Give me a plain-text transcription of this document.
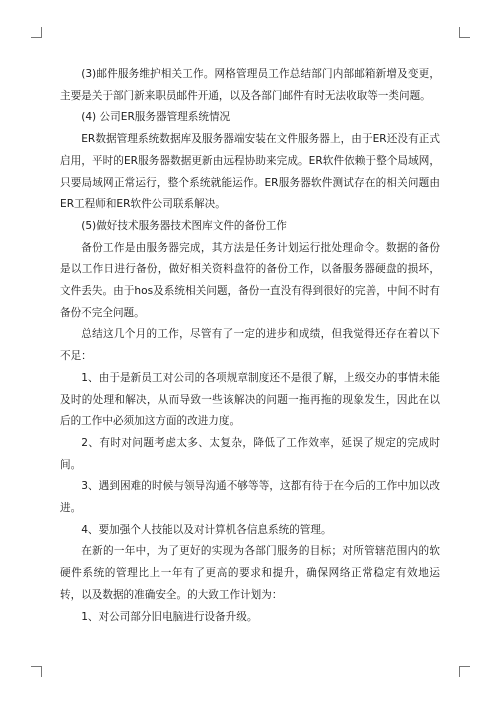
(3)邮件服务维护相关工作。网格管理员工作总结部门内部邮箱新增及变更，主要是关于部门新来职员邮件开通，以及各部门邮件有时无法收取等一类问题。

(4) 公司ER服务器管理系统情况

ER数据管理系统数据库及服务器端安装在文件服务器上，由于ER还没有正式启用，平时的ER服务器数据更新由远程协助来完成。ER软件依赖于整个局域网，只要局域网正常运行，整个系统就能运作。ER服务器软件测试存在的相关问题由ER工程师和ER软件公司联系解决。

(5)做好技术服务器技术图库文件的备份工作

备份工作是由服务器完成，其方法是任务计划运行批处理命令。数据的备份是以工作日进行备份，做好相关资料盘符的备份工作，以备服务器硬盘的损坏，文件丢失。由于hos及系统相关问题，备份一直没有得到很好的完善，中间不时有备份不完全问题。

总结这几个月的工作，尽管有了一定的进步和成绩，但我觉得还存在着以下不足：

1、由于是新员工对公司的各项规章制度还不是很了解，上级交办的事情未能及时的处理和解决，从而导致一些该解决的问题一拖再拖的现象发生，因此在以后的工作中必须加这方面的改进力度。

2、有时对问题考虑太多、太复杂，降低了工作效率，延误了规定的完成时间。

3、遇到困难的时候与领导沟通不够等等，这都有待于在今后的工作中加以改进。

4、要加强个人技能以及对计算机各信息系统的管理。

在新的一年中，为了更好的实现为各部门服务的目标；对所管辖范围内的软硬件系统的管理比上一年有了更高的要求和提升，确保网络正常稳定有效地运转，以及数据的准确安全。的大致工作计划为：

1、对公司部分旧电脑进行设备升级。
